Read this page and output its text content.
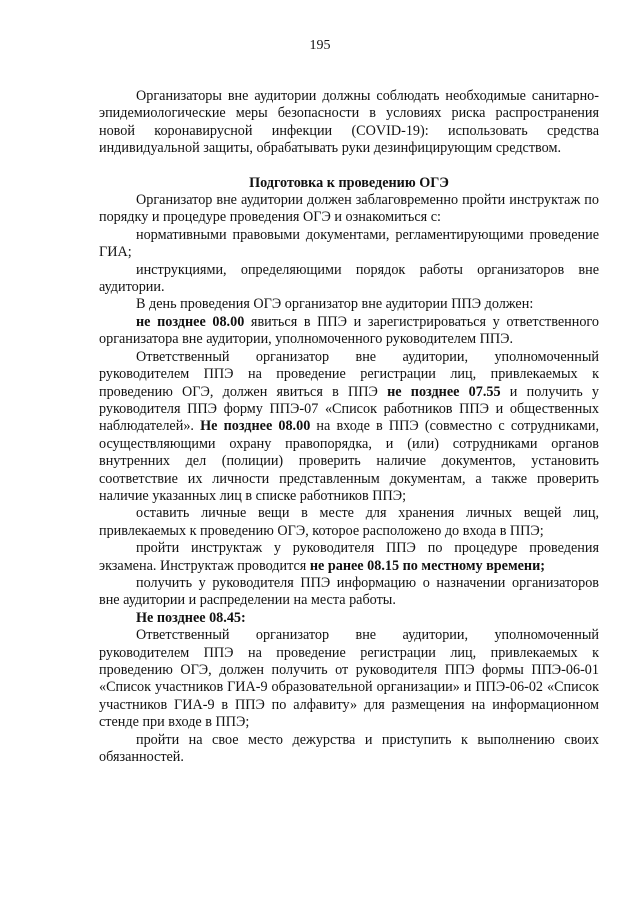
195

Организаторы вне аудитории должны соблюдать необходимые санитарно-эпидемиологические меры безопасности в условиях риска распространения новой коронавирусной инфекции (COVID-19): использовать средства индивидуальной защиты, обрабатывать руки дезинфицирующим средством.

Подготовка к проведению ОГЭ

Организатор вне аудитории должен заблаговременно пройти инструктаж по порядку и процедуре проведения ОГЭ и ознакомиться с:

нормативными правовыми документами, регламентирующими проведение ГИА;

инструкциями, определяющими порядок работы организаторов вне аудитории.

В день проведения ОГЭ организатор вне аудитории ППЭ должен:

не позднее 08.00 явиться в ППЭ и зарегистрироваться у ответственного организатора вне аудитории, уполномоченного руководителем ППЭ.

Ответственный организатор вне аудитории, уполномоченный руководителем ППЭ на проведение регистрации лиц, привлекаемых к проведению ОГЭ, должен явиться в ППЭ не позднее 07.55 и получить у руководителя ППЭ форму ППЭ-07 «Список работников ППЭ и общественных наблюдателей». Не позднее 08.00 на входе в ППЭ (совместно с сотрудниками, осуществляющими охрану правопорядка, и (или) сотрудниками органов внутренних дел (полиции) проверить наличие документов, установить соответствие их личности представленным документам, а также проверить наличие указанных лиц в списке работников ППЭ;

оставить личные вещи в месте для хранения личных вещей лиц, привлекаемых к проведению ОГЭ, которое расположено до входа в ППЭ;

пройти инструктаж у руководителя ППЭ по процедуре проведения экзамена. Инструктаж проводится не ранее 08.15 по местному времени;

получить у руководителя ППЭ информацию о назначении организаторов вне аудитории и распределении на места работы.

Не позднее 08.45:

Ответственный организатор вне аудитории, уполномоченный руководителем ППЭ на проведение регистрации лиц, привлекаемых к проведению ОГЭ, должен получить от руководителя ППЭ формы ППЭ-06-01 «Список участников ГИА-9 образовательной организации» и ППЭ-06-02 «Список участников ГИА-9 в ППЭ по алфавиту» для размещения на информационном стенде при входе в ППЭ;

пройти на свое место дежурства и приступить к выполнению своих обязанностей.
